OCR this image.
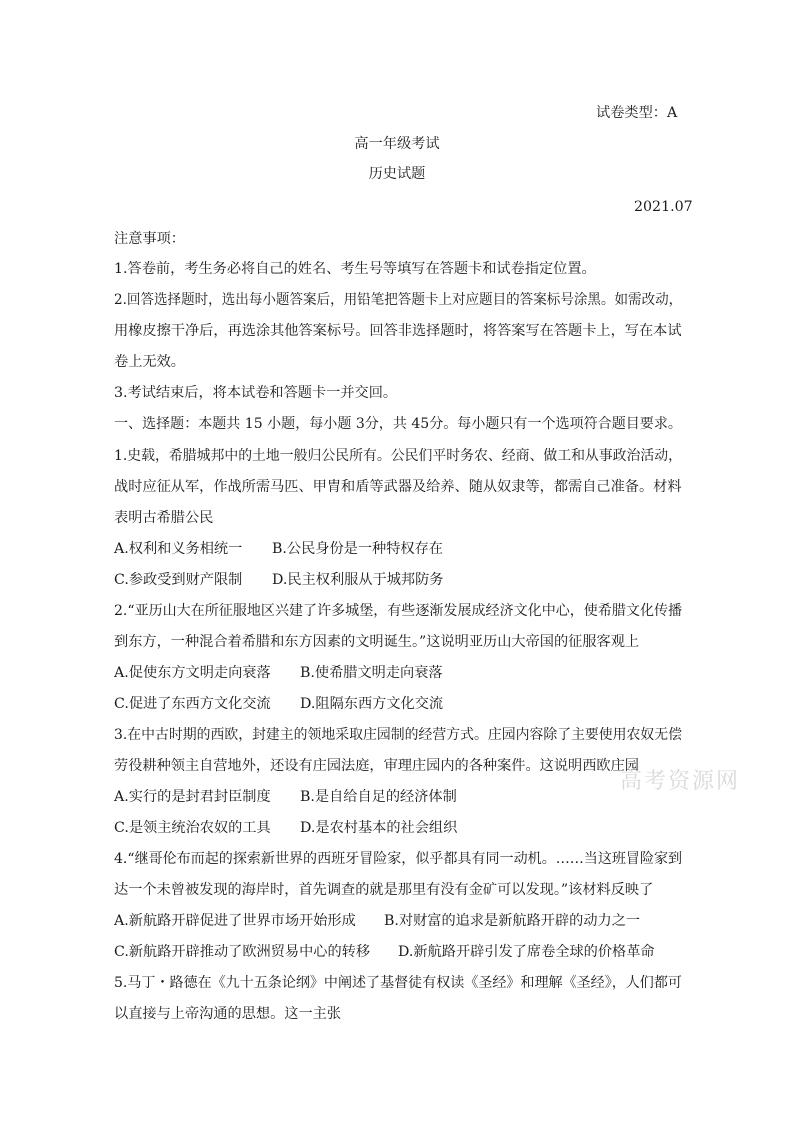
试卷类型：A
高一年级考试
历史试题
2021.07
注意事项：
1.答卷前，考生务必将自己的姓名、考生号等填写在答题卡和试卷指定位置。
2.回答选择题时，选出每小题答案后，用铅笔把答题卡上对应题目的答案标号涂黑。如需改动，
用橡皮擦干净后，再选涂其他答案标号。回答非选择题时，将答案写在答题卡上，写在本试
卷上无效。
3.考试结束后，将本试卷和答题卡一并交回。
一、选择题：本题共 15 小题，每小题 3分，共 45分。每小题只有一个选项符合题目要求。
1.史载，希腊城邦中的土地一般归公民所有。公民们平时务农、经商、做工和从事政治活动，
战时应征从军，作战所需马匹、甲胄和盾等武器及给养、随从奴隶等，都需自己准备。材料
表明古希腊公民
A.权利和义务相统一 B.公民身份是一种特权存在
C.参政受到财产限制 D.民主权利服从于城邦防务
2.“亚历山大在所征服地区兴建了许多城堡，有些逐渐发展成经济文化中心，使希腊文化传播
到东方，一种混合着希腊和东方因素的文明诞生。”这说明亚历山大帝国的征服客观上
A.促使东方文明走向衰落 B.使希腊文明走向衰落
C.促进了东西方文化交流 D.阻隔东西方文化交流
3.在中古时期的西欧，封建主的领地采取庄园制的经营方式。庄园内容除了主要使用农奴无偿
劳役耕种领主自营地外，还设有庄园法庭，审理庄园内的各种案件。这说明西欧庄园
A.实行的是封君封臣制度 B.是自给自足的经济体制
C.是领主统治农奴的工具 D.是农村基本的社会组织
4.“继哥伦布而起的探索新世界的西班牙冒险家，似乎都具有同一动机。……当这班冒险家到
达一个未曾被发现的海岸时，首先调查的就是那里有没有金矿可以发现。”该材料反映了
A.新航路开辟促进了世界市场开始形成 B.对财富的追求是新航路开辟的动力之一
C.新航路开辟推动了欧洲贸易中心的转移 D.新航路开辟引发了席卷全球的价格革命
5.马丁・路德在《九十五条论纲》中阐述了基督徒有权读《圣经》和理解《圣经》，人们都可
以直接与上帝沟通的思想。这一主张
高考资源网
